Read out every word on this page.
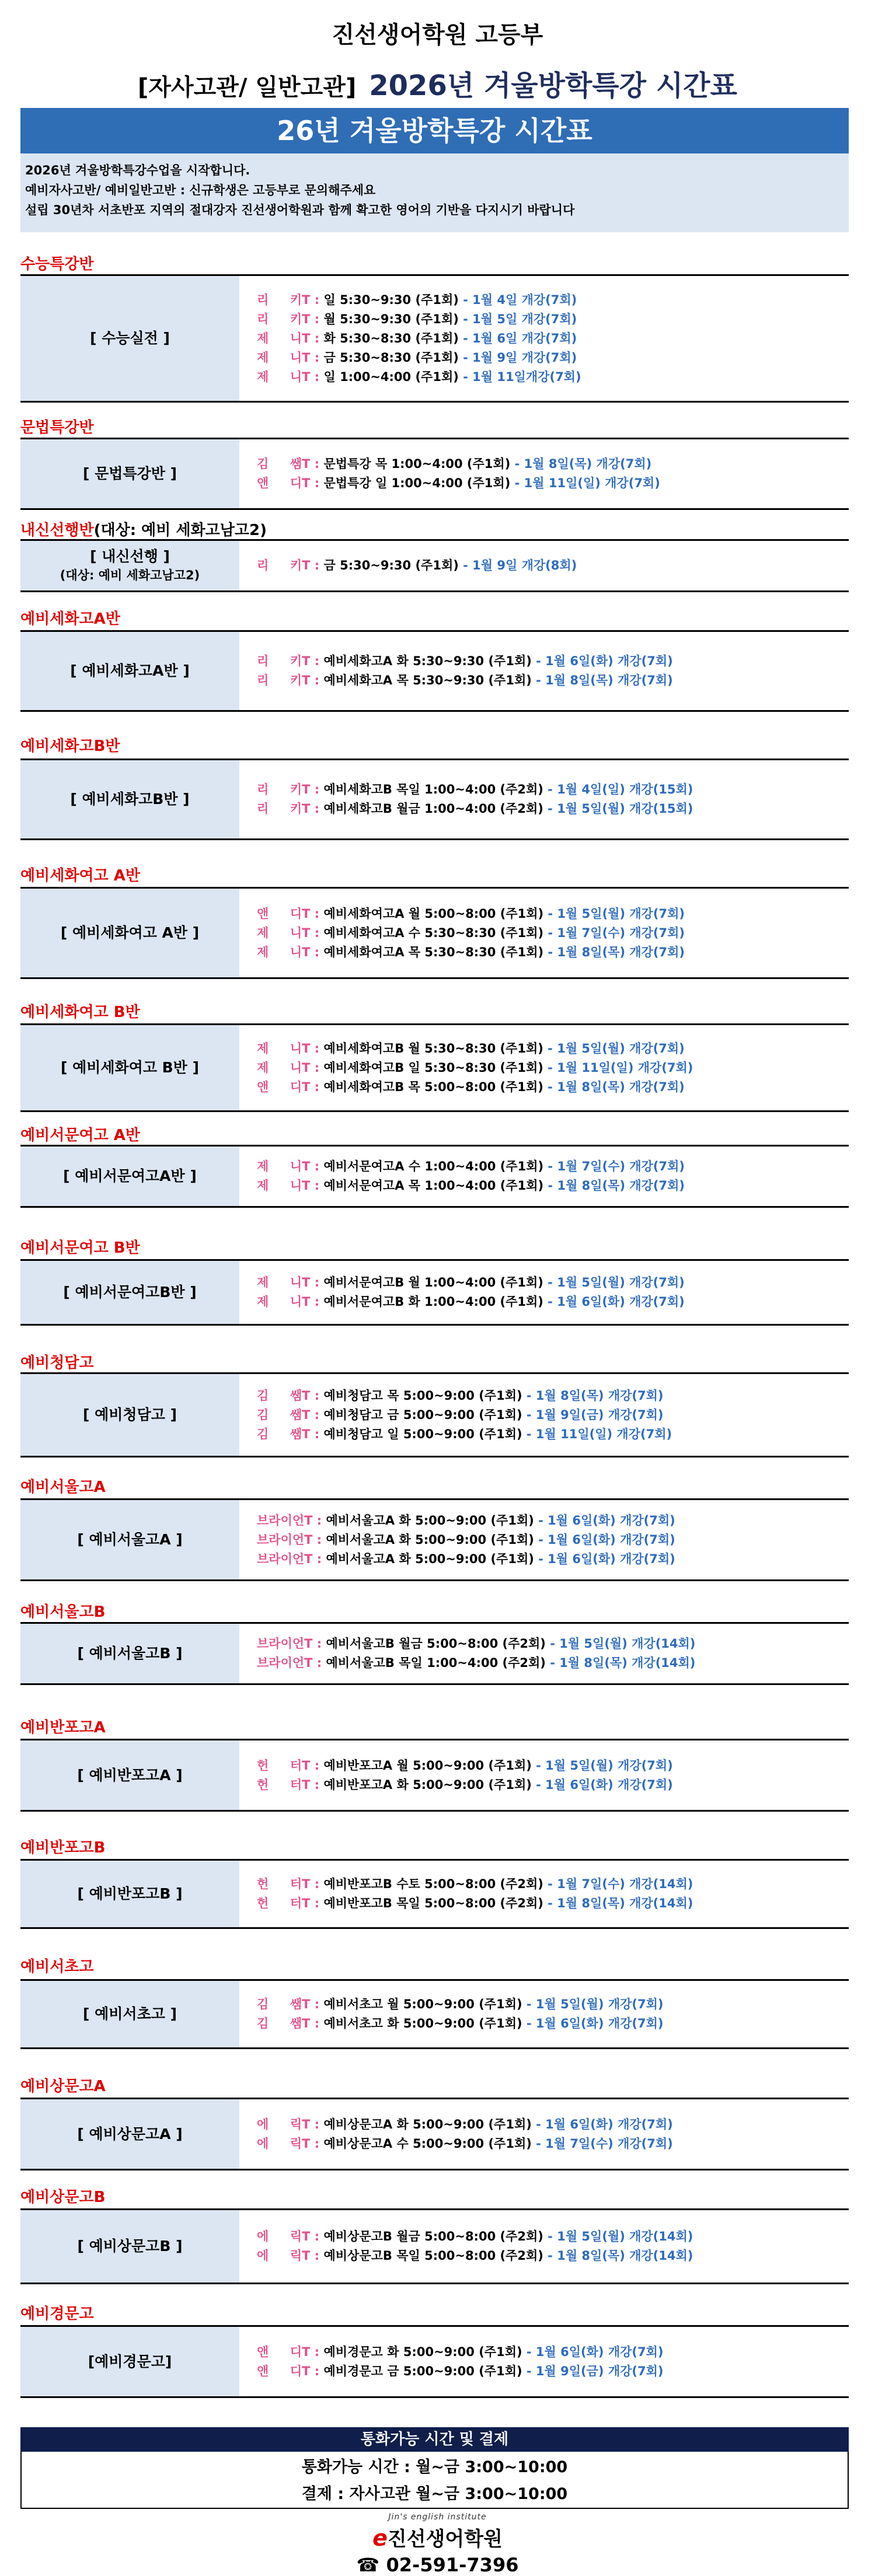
진선생어학원 고등부
[자사고관/ 일반고관] 2026년 겨울방학특강 시간표
26년 겨울방학특강 시간표
2026년 겨울방학특강수업을 시작합니다.
예비자사고반/ 예비일반고반 : 신규학생은 고등부로 문의해주세요
설립 30년차 서초반포 지역의 절대강자 진선생어학원과 함께 확고한 영어의 기반을 다지시기 바랍니다
수능특강반
[ 수능실전 ]
리     키T : 일 5:30~9:30 (주1회) - 1월 4일 개강(7회)
리     키T : 월 5:30~9:30 (주1회) - 1월 5일 개강(7회)
제     니T : 화 5:30~8:30 (주1회) - 1월 6일 개강(7회)
제     니T : 금 5:30~8:30 (주1회) - 1월 9일 개강(7회)
제     니T : 일 1:00~4:00 (주1회) - 1월 11일개강(7회)
문법특강반
[ 문법특강반 ]
김     쌤T : 문법특강 목 1:00~4:00 (주1회) - 1월 8일(목) 개강(7회)
앤     디T : 문법특강 일 1:00~4:00 (주1회) - 1월 11일(일) 개강(7회)
내신선행반(대상: 예비 세화고남고2)
[ 내신선행 ]
(대상: 예비 세화고남고2)
리     키T : 금 5:30~9:30 (주1회) - 1월 9일 개강(8회)
예비세화고A반
[ 예비세화고A반 ]
리     키T : 예비세화고A 화 5:30~9:30 (주1회) - 1월 6일(화) 개강(7회)
리     키T : 예비세화고A 목 5:30~9:30 (주1회) - 1월 8일(목) 개강(7회)
예비세화고B반
[ 예비세화고B반 ]
리     키T : 예비세화고B 목일 1:00~4:00 (주2회) - 1월 4일(일) 개강(15회)
리     키T : 예비세화고B 월금 1:00~4:00 (주2회) - 1월 5일(월) 개강(15회)
예비세화여고 A반
[ 예비세화여고 A반 ]
앤     디T : 예비세화여고A 월 5:00~8:00 (주1회) - 1월 5일(월) 개강(7회)
제     니T : 예비세화여고A 수 5:30~8:30 (주1회) - 1월 7일(수) 개강(7회)
제     니T : 예비세화여고A 목 5:30~8:30 (주1회) - 1월 8일(목) 개강(7회)
예비세화여고 B반
[ 예비세화여고 B반 ]
제     니T : 예비세화여고B 월 5:30~8:30 (주1회) - 1월 5일(월) 개강(7회)
제     니T : 예비세화여고B 일 5:30~8:30 (주1회) - 1월 11일(일) 개강(7회)
앤     디T : 예비세화여고B 목 5:00~8:00 (주1회) - 1월 8일(목) 개강(7회)
예비서문여고 A반
[ 예비서문여고A반 ]
제     니T : 예비서문여고A 수 1:00~4:00 (주1회) - 1월 7일(수) 개강(7회)
제     니T : 예비서문여고A 목 1:00~4:00 (주1회) - 1월 8일(목) 개강(7회)
예비서문여고 B반
[ 예비서문여고B반 ]
제     니T : 예비서문여고B 월 1:00~4:00 (주1회) - 1월 5일(월) 개강(7회)
제     니T : 예비서문여고B 화 1:00~4:00 (주1회) - 1월 6일(화) 개강(7회)
예비청담고
[ 예비청담고 ]
김     쌤T : 예비청담고 목 5:00~9:00 (주1회) - 1월 8일(목) 개강(7회)
김     쌤T : 예비청담고 금 5:00~9:00 (주1회) - 1월 9일(금) 개강(7회)
김     쌤T : 예비청담고 일 5:00~9:00 (주1회) - 1월 11일(일) 개강(7회)
예비서울고A
[ 예비서울고A ]
브라이언T : 예비서울고A 화 5:00~9:00 (주1회) - 1월 6일(화) 개강(7회)
브라이언T : 예비서울고A 화 5:00~9:00 (주1회) - 1월 6일(화) 개강(7회)
브라이언T : 예비서울고A 화 5:00~9:00 (주1회) - 1월 6일(화) 개강(7회)
예비서울고B
[ 예비서울고B ]
브라이언T : 예비서울고B 월금 5:00~8:00 (주2회) - 1월 5일(월) 개강(14회)
브라이언T : 예비서울고B 목일 1:00~4:00 (주2회) - 1월 8일(목) 개강(14회)
예비반포고A
[ 예비반포고A ]
헌     터T : 예비반포고A 월 5:00~9:00 (주1회) - 1월 5일(월) 개강(7회)
헌     터T : 예비반포고A 화 5:00~9:00 (주1회) - 1월 6일(화) 개강(7회)
예비반포고B
[ 예비반포고B ]
헌     터T : 예비반포고B 수토 5:00~8:00 (주2회) - 1월 7일(수) 개강(14회)
헌     터T : 예비반포고B 목일 5:00~8:00 (주2회) - 1월 8일(목) 개강(14회)
예비서초고
[ 예비서초고 ]
김     쌤T : 예비서초고 월 5:00~9:00 (주1회) - 1월 5일(월) 개강(7회)
김     쌤T : 예비서초고 화 5:00~9:00 (주1회) - 1월 6일(화) 개강(7회)
예비상문고A
[ 예비상문고A ]
에     릭T : 예비상문고A 화 5:00~9:00 (주1회) - 1월 6일(화) 개강(7회)
에     릭T : 예비상문고A 수 5:00~9:00 (주1회) - 1월 7일(수) 개강(7회)
예비상문고B
[ 예비상문고B ]
에     릭T : 예비상문고B 월금 5:00~8:00 (주2회) - 1월 5일(월) 개강(14회)
에     릭T : 예비상문고B 목일 5:00~8:00 (주2회) - 1월 8일(목) 개강(14회)
예비경문고
[예비경문고]
앤     디T : 예비경문고 화 5:00~9:00 (주1회) - 1월 6일(화) 개강(7회)
앤     디T : 예비경문고 금 5:00~9:00 (주1회) - 1월 9일(금) 개강(7회)
통화가능 시간 및 결제
통화가능 시간 : 월~금 3:00~10:00
결제 : 자사고관 월~금 3:00~10:00
Jin's english institute
e진선생어학원
☎ 02-591-7396
